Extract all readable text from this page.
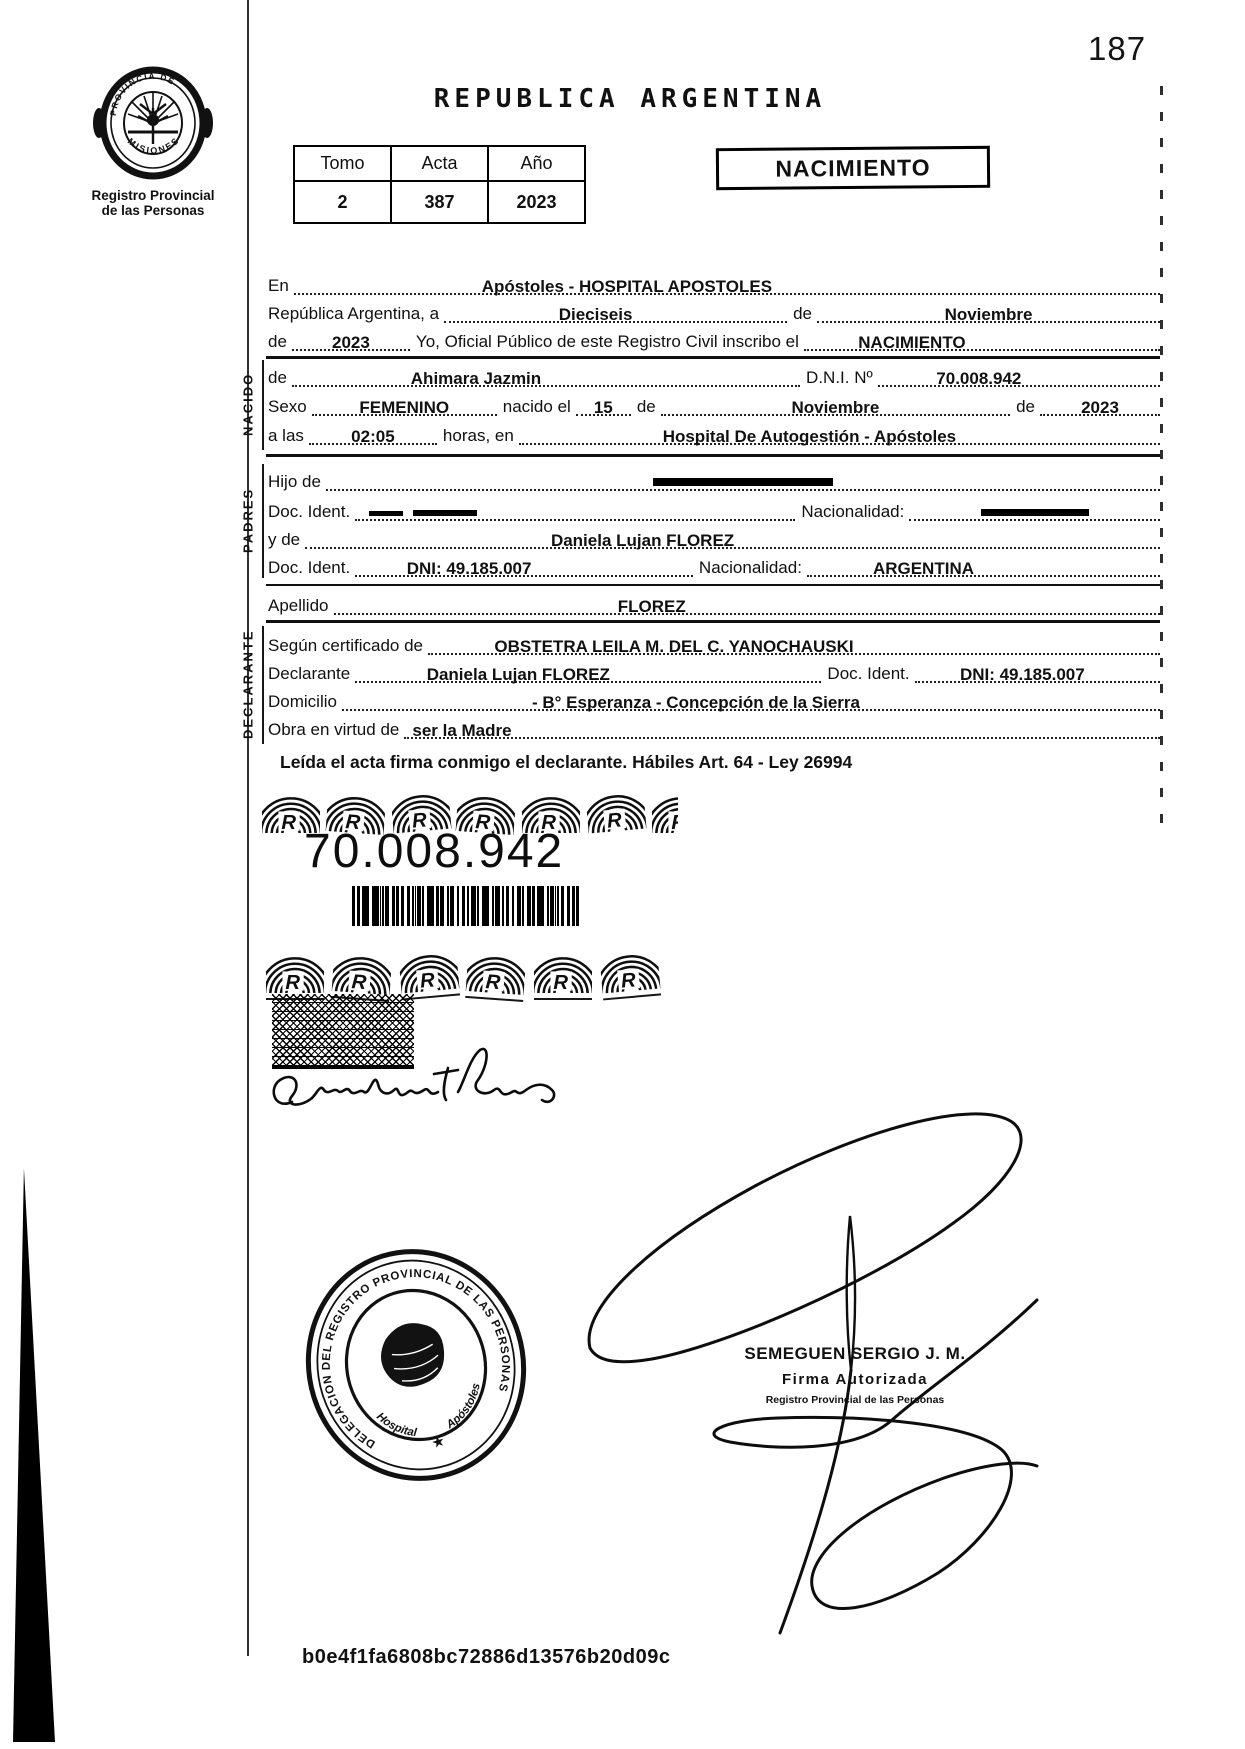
187
PROVINCIA DE
MISIONES
Registro Provincial
de las Personas
REPUBLICA ARGENTINA
Tomo	Acta	Año
2	387	2023
NACIMIENTO
En	Apóstoles - HOSPITAL APOSTOLES
República Argentina, a	Dieciseis	de	Noviembre
de	2023	Yo, Oficial Público de este Registro Civil inscribo el	NACIMIENTO
NACIDO de	Ahimara Jazmin	D.N.I. Nº	70.008.942
Sexo	FEMENINO	nacido el 15	de	Noviembre	de	2023
a las	02:05	horas, en	Hospital De Autogestión - Apóstoles
PADRES
Hijo de
Doc. Ident.	Nacionalidad:
y de	Daniela Lujan FLOREZ
Doc. Ident.	DNI: 49.185.007	Nacionalidad:	ARGENTINA
Apellido	FLOREZ
DECLARANTE Según certificado de	OBSTETRA LEILA M. DEL C. YANOCHAUSKI
Declarante	Daniela Lujan FLOREZ	Doc. Ident.	DNI: 49.185.007
Domicilio	- B° Esperanza - Concepción de la Sierra
Obra en virtud de ser la Madre
Leída el acta firma conmigo el declarante. Hábiles Art. 64 - Ley 26994
70.008.942
DELEGACION DEL REGISTRO PROVINCIAL DE LAS PERSONAS
Hospital
Apóstoles
★
SEMEGUEN SERGIO J. M.
Firma Autorizada
Registro Provincial de las Personas
b0e4f1fa6808bc72886d13576b20d09c
